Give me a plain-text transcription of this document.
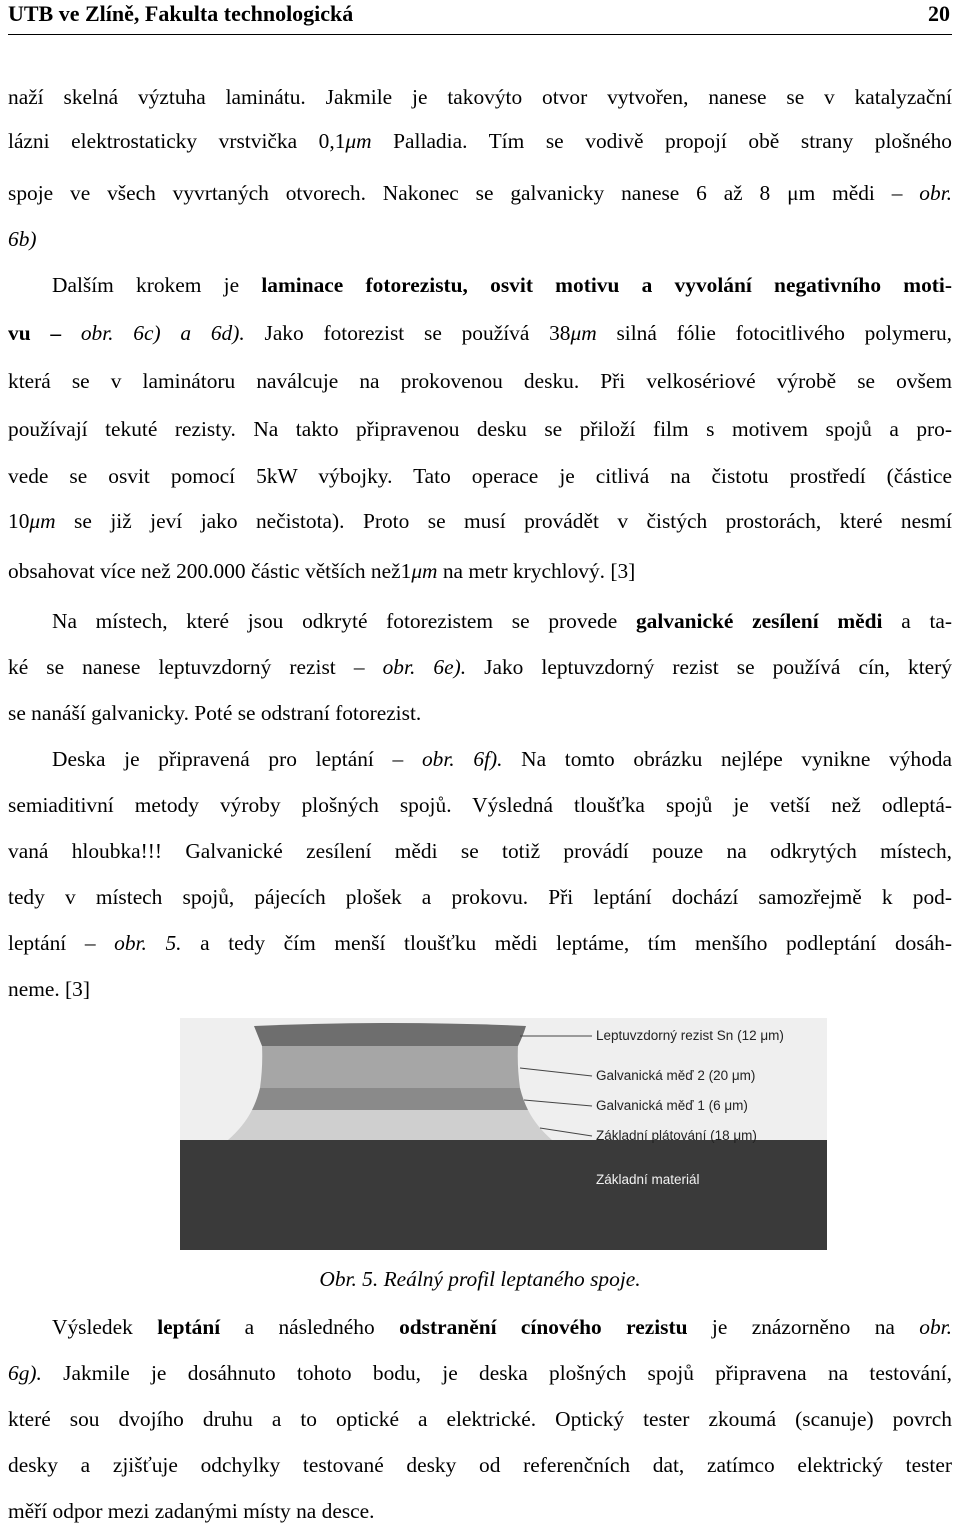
UTB ve Zlíně, Fakulta technologická	20
naží skelná výztuha laminátu. Jakmile je takovýto otvor vytvořen, nanese se v katalyzační
lázni elektrostaticky vrstvička 0,1μm Palladia. Tím se vodivě propojí obě strany plošného
spoje ve všech vyvrtaných otvorech. Nakonec se galvanicky nanese 6 až 8 μm mědi – obr.
6b)
Dalším krokem je laminace fotorezistu, osvit motivu a vyvolání negativního moti-
vu – obr. 6c) a 6d). Jako fotorezist se používá 38μm silná fólie fotocitlivého polymeru,
která se v laminátoru naválcuje na prokovenou desku. Při velkosériové výrobě se ovšem
používají tekuté rezisty. Na takto připravenou desku se přiloží film s motivem spojů a pro-
vede se osvit pomocí 5kW výbojky. Tato operace je citlivá na čistotu prostředí (částice
10μm se již jeví jako nečistota). Proto se musí provádět v čistých prostorách, které nesmí
obsahovat více než 200.000 částic větších než1μm na metr krychlový. [3]
Na místech, které jsou odkryté fotorezistem se provede galvanické zesílení mědi a ta-
ké se nanese leptuvzdorný rezist – obr. 6e). Jako leptuvzdorný rezist se používá cín, který
se nanáší galvanicky. Poté se odstraní fotorezist.
Deska je připravená pro leptání – obr. 6f). Na tomto obrázku nejlépe vynikne výhoda
semiaditivní metody výroby plošných spojů. Výsledná tloušťka spojů je vetší než odleptá-
vaná hloubka!!! Galvanické zesílení mědi se totiž provádí pouze na odkrytých místech,
tedy v místech spojů, pájecích plošek a prokovu. Při leptání dochází samozřejmě k pod-
leptání – obr. 5. a tedy čím menší tloušťku mědi leptáme, tím menšího podleptání dosáh-
neme. [3]
Leptuvzdorný rezist Sn (12 μm)
Galvanická měď 2 (20 μm)
Galvanická měď 1 (6 μm)
Základní plátování (18 μm)
Základní materiál
Obr. 5. Reálný profil leptaného spoje.
Výsledek leptání a následného odstranění cínového rezistu je znázorněno na obr.
6g). Jakmile je dosáhnuto tohoto bodu, je deska plošných spojů připravena na testování,
které sou dvojího druhu a to optické a elektrické. Optický tester zkoumá (scanuje) povrch
desky a zjišťuje odchylky testované desky od referenčních dat, zatímco elektrický tester
měří odpor mezi zadanými místy na desce.
